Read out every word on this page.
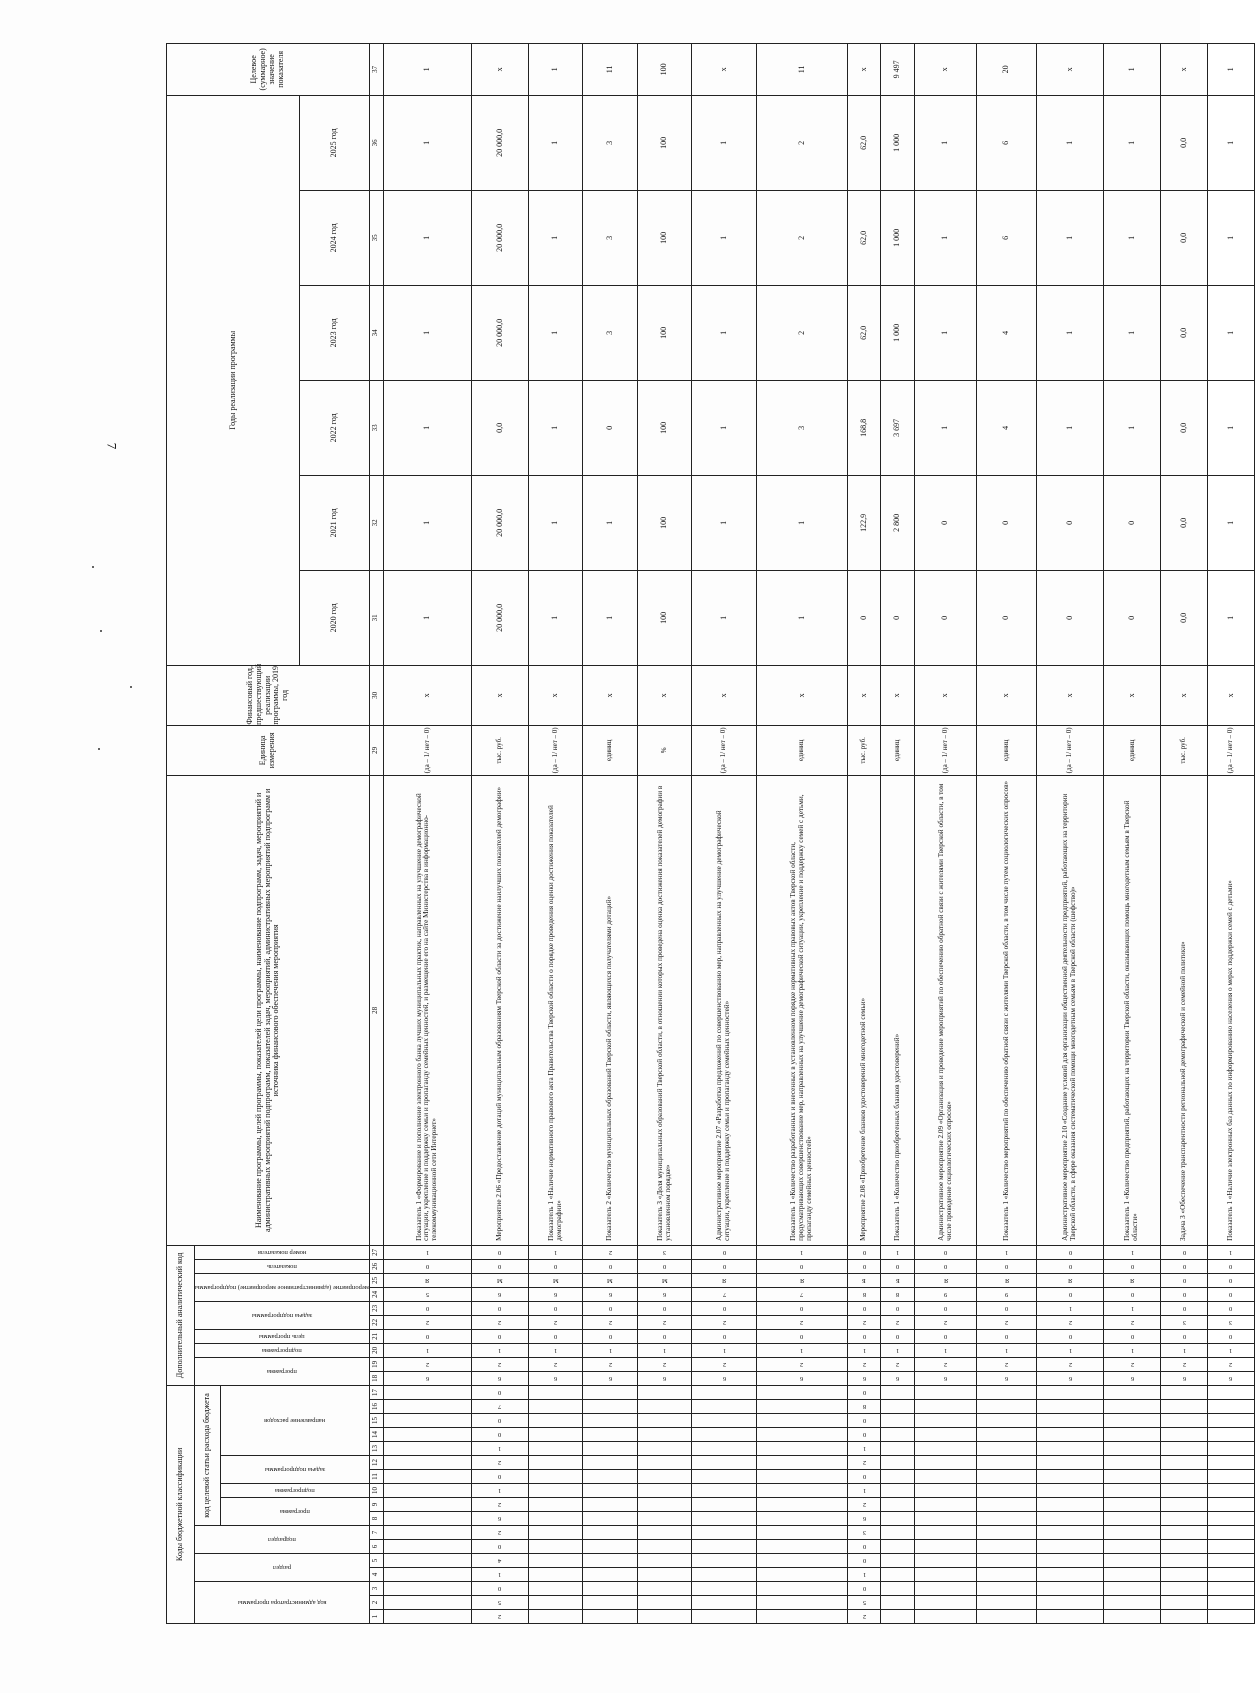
7
Коды бюджетной классификации																	Дополнительный аналитический код										Наименование программы, целей программы, показателей цели программы, наименование подпрограмм, задач, мероприятий и административных мероприятий подпрограмм, показателей задач, мероприятий, административных мероприятий подпрограмм и источника финансового обеспечения мероприятия	Единица измерения	Финансовый год, предшествующий реализации программы, 2019 год	Годы реализации программы						Целевое (суммарное) значение показателя

код администратора программы			раздел		подраздел		код целевой статьи расхода бюджета										программа		подпрограмма	цель программы	задача подпрограммы		мероприятие (административное мероприятие) подпрограммы		показатель	номер показателя										

							программа		подпрограмма	задача подпрограммы		направление расходов																								

																														2020 год	2021 год	2022 год	2023 год	2024 год	2025 год	
1	2	3	4	5	6	7	8	9	10	11	12	13	14	15	16	17	18	19	20	21	22	23	24	25	26	27	28	29	30	31	32	33	34	35	36	37

																	6	2	1	0	2	0	5	Я	0	1	Показатель 1 «Формирование и пополнение электронного банка лучших муниципальных практик, направленных на улучшение демографической ситуации, укрепление и поддержку семьи и пропаганду семейных ценностей, и размещение его на сайте Министерства в информационно-телекоммуникационной сети Интернет»	(да – 1/ нет – 0)	х	1	1	1	1	1	1	1

2	5	0	1	4	0	2	6	2	1	0	2	1	0	0	7	0	6	2	1	0	2	0	6	М	0	0	Мероприятие 2.06 «Предоставление дотаций муниципальным образованиям Тверской области за достижение наилучших показателей демографии»	тыс. руб.	х	20 000,0	20 000,0	0,0	20 000,0	20 000,0	20 000,0	х

																	6	2	1	0	2	0	6	М	0	1	Показатель 1 «Наличие нормативного правового акта Правительства Тверской области о порядке проведения оценки достижения показателей демографии»	(да – 1/ нет – 0)	х	1	1	1	1	1	1	1

																	6	2	1	0	2	0	6	М	0	2	Показатель 2 «Количество муниципальных образований Тверской области, являющихся получателями дотаций»	единиц	х	1	1	0	3	3	3	11

																	6	2	1	0	2	0	6	М	0	3	Показатель 3 «Доля муниципальных образований Тверской области, в отношении которых проведена оценка достижения показателей демографии в установленном порядке»	%	х	100	100	100	100	100	100	100

																	6	2	1	0	2	0	7	Я	0	0	Административное мероприятие 2.07 «Разработка предложений по совершенствованию мер, направленных на улучшение демографической ситуации, укрепление и поддержку семьи и пропаганду семейных ценностей»	(да – 1/ нет – 0)	х	1	1	1	1	1	1	х

																	6	2	1	0	2	0	7	Я	0	1	Показатель 1 «Количество разработанных и внесенных в установленном порядке нормативных правовых актов Тверской области, предусматривающих совершенствование мер, направленных на улучшение демографической ситуации, укрепление и поддержку семей с детьми, пропаганду семейных ценностей»	единиц	х	1	1	3	2	2	2	11

2	5	0	1	0	0	3	6	2	1	0	2	1	0	0	8	0	6	2	1	0	2	0	8	Б	0	0	Мероприятие 2.08 «Приобретение бланков удостоверений многодетной семьи»	тыс. руб.	х	0	122,9	168,8	62,0	62,0	62,0	х

																	6	2	1	0	2	0	8	Б	0	1	Показатель 1 «Количество приобретенных бланков удостоверений»	единиц	х	0	2 800	3 697	1 000	1 000	1 000	9 497

																	6	2	1	0	2	0	9	Я	0	0	Административное мероприятие 2.09 «Организация и проведение мероприятий по обеспечению обратной связи с жителями Тверской области, в том числе проведение социологических опросов»	(да – 1/ нет – 0)	х	0	0	1	1	1	1	х

																	6	2	1	0	2	0	9	Я	0	1	Показатель 1 «Количество мероприятий по обеспечению обратной связи с жителями Тверской области, в том числе путем социологических опросов»	единиц	х	0	0	4	4	6	6	20

																	6	2	1	0	2	1	0	Я	0	0	Административное мероприятие 2.10 «Создание условий для организации общественной деятельности предприятий, работающих на территории Тверской области, в сфере оказания систематической помощи многодетным семьям в Тверской области (шефство)»	(да – 1/ нет – 0)	х	0	0	1	1	1	1	х

																	6	2	1	0	2	1	0	Я	0	1	Показатель 1 «Количество предприятий, работающих на территории Тверской области, оказывающих помощь многодетным семьям в Тверской области»	единиц	х	0	0	1	1	1	1	1

																	6	2	1	0	3	0	0	0	0	0	Задача 3 «Обеспечение транспарентности региональной демографической и семейной политики»	тыс. руб.	х	0,0	0,0	0,0	0,0	0,0	0,0	х

																	6	2	1	0	3	0	0	0	0	1	Показатель 1 «Наличие электронных баз данных по информированию населения о мерах поддержки семей с детьми»	(да – 1/ нет – 0)	х	1	1	1	1	1	1	1
